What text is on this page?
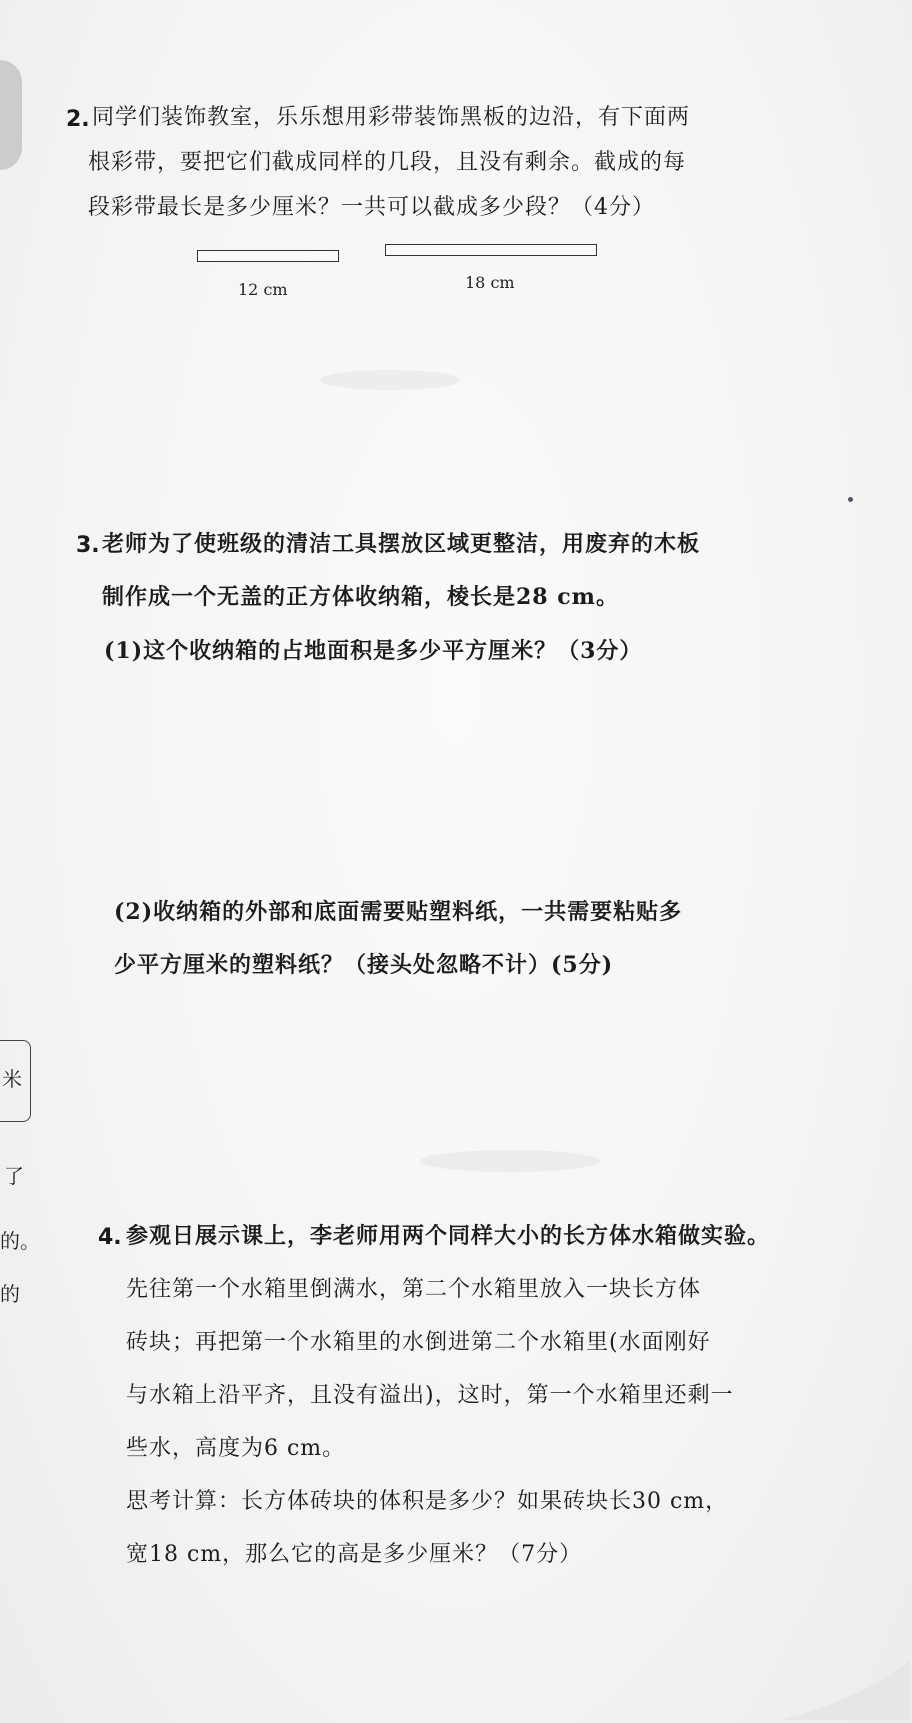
2. 同学们装饰教室，乐乐想用彩带装饰黑板的边沿，有下面两
根彩带，要把它们截成同样的几段，且没有剩余。截成的每
段彩带最长是多少厘米？一共可以截成多少段？（4分）
12 cm	18 cm
3. 老师为了使班级的清洁工具摆放区域更整洁，用废弃的木板
制作成一个无盖的正方体收纳箱，棱长是28 cm。
(1)这个收纳箱的占地面积是多少平方厘米？（3分）
(2)收纳箱的外部和底面需要贴塑料纸，一共需要粘贴多
少平方厘米的塑料纸？（接头处忽略不计）(5分)
米
了
的。
的
4. 参观日展示课上，李老师用两个同样大小的长方体水箱做实验。
先往第一个水箱里倒满水，第二个水箱里放入一块长方体
砖块；再把第一个水箱里的水倒进第二个水箱里(水面刚好
与水箱上沿平齐，且没有溢出)，这时，第一个水箱里还剩一
些水，高度为6 cm。
思考计算：长方体砖块的体积是多少？如果砖块长30 cm，
宽18 cm，那么它的高是多少厘米？（7分）
